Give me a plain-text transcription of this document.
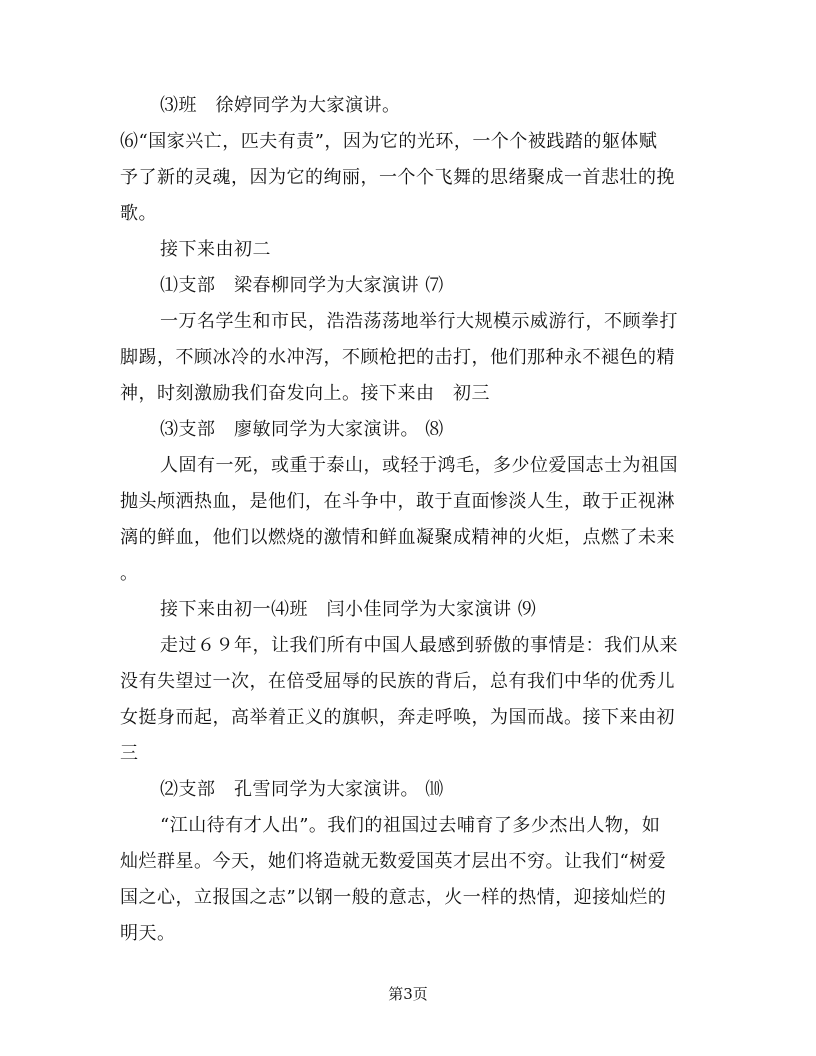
⑶班　徐婷同学为大家演讲。
⑹“国家兴亡，匹夫有责”，因为它的光环，一个个被践踏的躯体赋
予了新的灵魂，因为它的绚丽，一个个飞舞的思绪聚成一首悲壮的挽
歌。
接下来由初二
⑴支部　梁春柳同学为大家演讲 ⑺
一万名学生和市民，浩浩荡荡地举行大规模示威游行，不顾拳打
脚踢，不顾冰冷的水冲泻，不顾枪把的击打，他们那种永不褪色的精
神，时刻激励我们奋发向上。接下来由　初三
⑶支部　廖敏同学为大家演讲。 ⑻
人固有一死，或重于泰山，或轻于鸿毛，多少位爱国志士为祖国
抛头颅洒热血，是他们，在斗争中，敢于直面惨淡人生，敢于正视淋
漓的鲜血，他们以燃烧的激情和鲜血凝聚成精神的火炬，点燃了未来
。
接下来由初一⑷班　闫小佳同学为大家演讲 ⑼
走过６９年，让我们所有中国人最感到骄傲的事情是：我们从来
没有失望过一次，在倍受屈辱的民族的背后，总有我们中华的优秀儿
女挺身而起，高举着正义的旗帜，奔走呼唤，为国而战。接下来由初
三
⑵支部　孔雪同学为大家演讲。 ⑽
“江山待有才人出”。我们的祖国过去哺育了多少杰出人物，如
灿烂群星。今天，她们将造就无数爱国英才层出不穷。让我们“树爱
国之心，立报国之志”以钢一般的意志，火一样的热情，迎接灿烂的
明天。
第3页
